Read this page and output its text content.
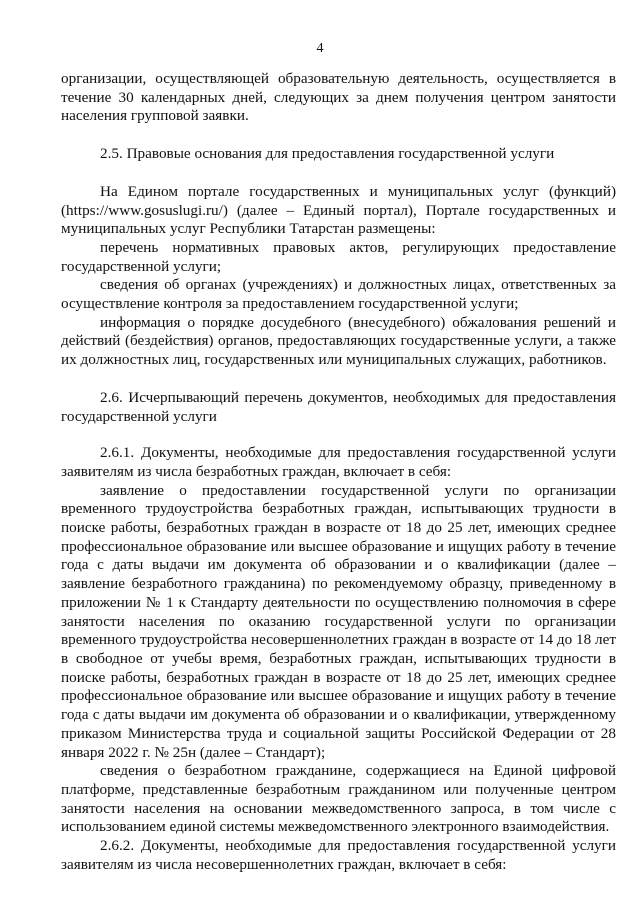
4

организации, осуществляющей образовательную деятельность, осуществляется в течение 30 календарных дней, следующих за днем получения центром занятости населения групповой заявки.

2.5. Правовые основания для предоставления государственной услуги

На Едином портале государственных и муниципальных услуг (функций) (https://www.gosuslugi.ru/) (далее – Единый портал), Портале государственных и муниципальных услуг Республики Татарстан размещены:

перечень нормативных правовых актов, регулирующих предоставление государственной услуги;

сведения об органах (учреждениях) и должностных лицах, ответственных за осуществление контроля за предоставлением государственной услуги;

информация о порядке досудебного (внесудебного) обжалования решений и действий (бездействия) органов, предоставляющих государственные услуги, а также их должностных лиц, государственных или муниципальных служащих, работников.

2.6. Исчерпывающий перечень документов, необходимых для предоставления государственной услуги

2.6.1. Документы, необходимые для предоставления государственной услуги заявителям из числа безработных граждан, включает в себя:

заявление о предоставлении государственной услуги по организации временного трудоустройства безработных граждан, испытывающих трудности в поиске работы, безработных граждан в возрасте от 18 до 25 лет, имеющих среднее профессиональное образование или высшее образование и ищущих работу в течение года с даты выдачи им документа об образовании и о квалификации (далее – заявление безработного гражданина) по рекомендуемому образцу, приведенному в приложении № 1 к Стандарту деятельности по осуществлению полномочия в сфере занятости населения по оказанию государственной услуги по организации временного трудоустройства несовершеннолетних граждан в возрасте от 14 до 18 лет в свободное от учебы время, безработных граждан, испытывающих трудности в поиске работы, безработных граждан в возрасте от 18 до 25 лет, имеющих среднее профессиональное образование или высшее образование и ищущих работу в течение года с даты выдачи им документа об образовании и о квалификации, утвержденному приказом Министерства труда и социальной защиты Российской Федерации от 28 января 2022 г. № 25н (далее – Стандарт);

сведения о безработном гражданине, содержащиеся на Единой цифровой платформе, представленные безработным гражданином или полученные центром занятости населения на основании межведомственного запроса, в том числе с использованием единой системы межведомственного электронного взаимодействия.

2.6.2. Документы, необходимые для предоставления государственной услуги заявителям из числа несовершеннолетних граждан, включает в себя:
